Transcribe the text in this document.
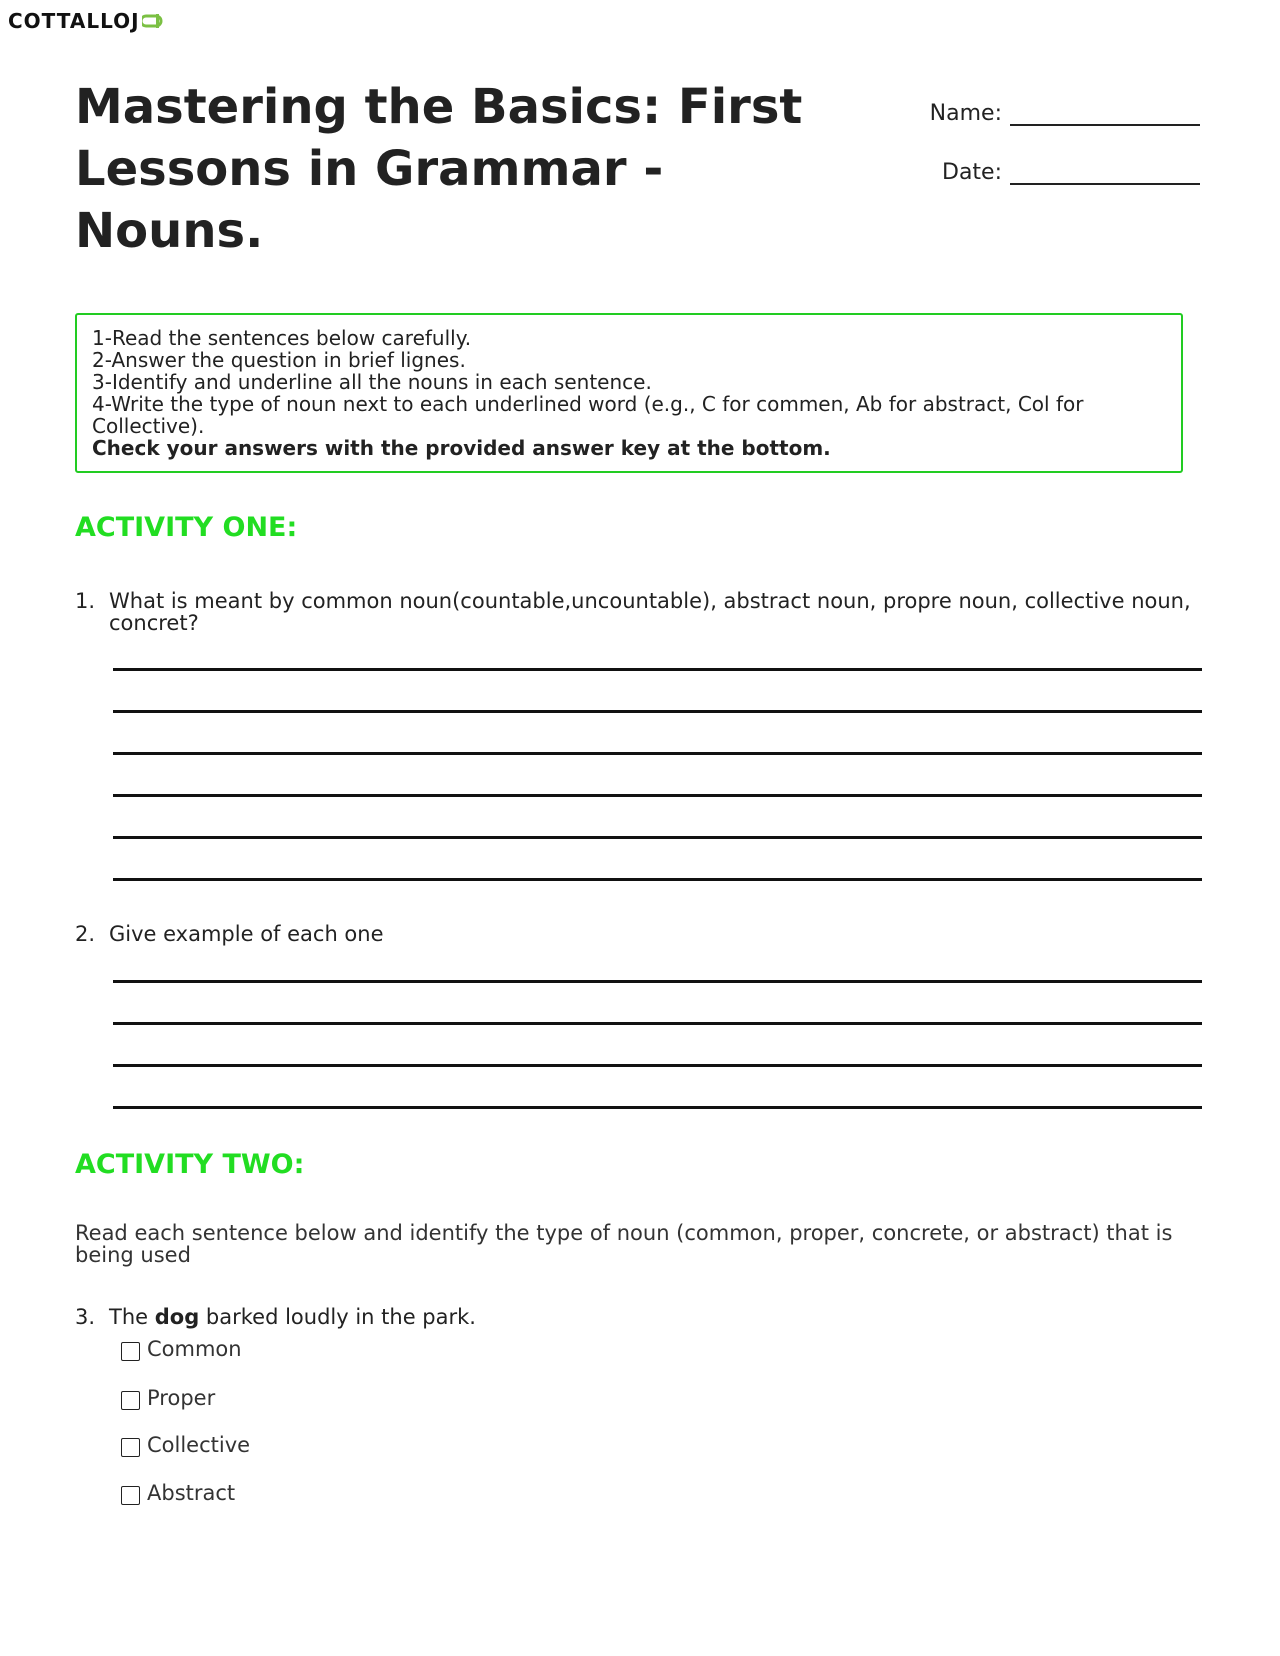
COTTALLOJ
Mastering the Basics: First Lessons in Grammar -Nouns.
Name:
Date:
1-Read the sentences below carefully.
2-Answer the question in brief lignes.
3-Identify and underline all the nouns in each sentence.
4-Write the type of noun next to each underlined word (e.g., C for commen, Ab for abstract, Col for Collective).
Check your answers with the provided answer key at the bottom.
ACTIVITY ONE:
1. What is meant by common noun(countable,uncountable), abstract noun, propre noun, collective noun, concret?
2. Give example of each one
ACTIVITY TWO:
Read each sentence below and identify the type of noun (common, proper, concrete, or abstract) that is being used
3. The dog barked loudly in the park.
Common
Proper
Collective
Abstract
